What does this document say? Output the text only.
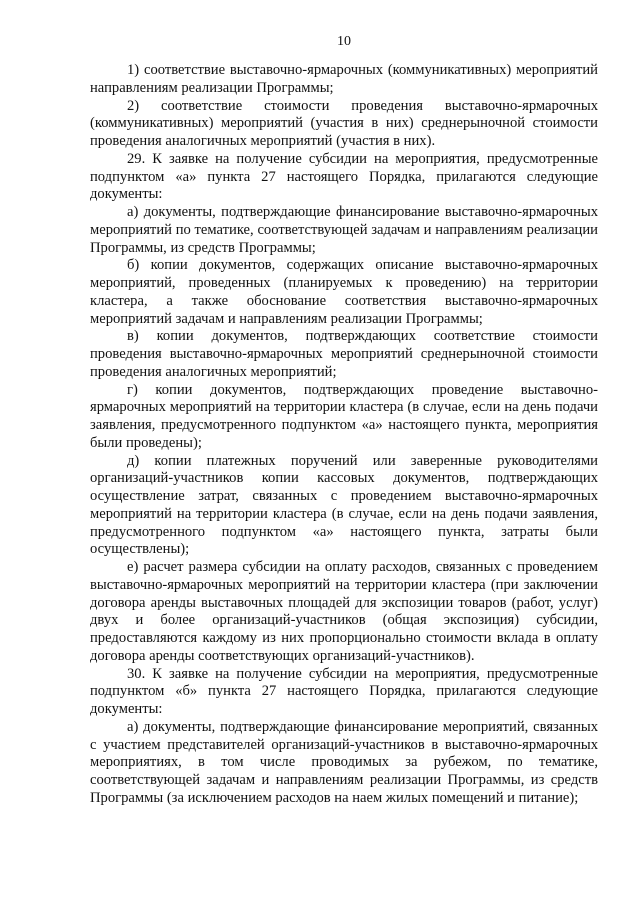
10

1) соответствие выставочно-ярмарочных (коммуникативных) мероприятий направлениям реализации Программы;

2) соответствие стоимости проведения выставочно-ярмарочных (коммуникативных) мероприятий (участия в них) среднерыночной стоимости проведения аналогичных мероприятий (участия в них).

29. К заявке на получение субсидии на мероприятия, предусмотренные подпунктом «а» пункта 27 настоящего Порядка, прилагаются следующие документы:

а) документы, подтверждающие финансирование выставочно-ярмарочных мероприятий по тематике, соответствующей задачам и направлениям реализации Программы, из средств Программы;

б) копии документов, содержащих описание выставочно-ярмарочных мероприятий, проведенных (планируемых к проведению) на территории кластера, а также обоснование соответствия выставочно-ярмарочных мероприятий задачам и направлениям реализации Программы;

в) копии документов, подтверждающих соответствие стоимости проведения выставочно-ярмарочных мероприятий среднерыночной стоимости проведения аналогичных мероприятий;

г) копии документов, подтверждающих проведение выставочно-ярмарочных мероприятий на территории кластера (в случае, если на день подачи заявления, предусмотренного подпунктом «а» настоящего пункта, мероприятия были проведены);

д) копии платежных поручений или заверенные руководителями организаций-участников копии кассовых документов, подтверждающих осуществление затрат, связанных с проведением выставочно-ярмарочных мероприятий на территории кластера (в случае, если на день подачи заявления, предусмотренного подпунктом «а» настоящего пункта, затраты были осуществлены);

е) расчет размера субсидии на оплату расходов, связанных с проведением выставочно-ярмарочных мероприятий на территории кластера (при заключении договора аренды выставочных площадей для экспозиции товаров (работ, услуг) двух и более организаций-участников (общая экспозиция) субсидии, предоставляются каждому из них пропорционально стоимости вклада в оплату договора аренды соответствующих организаций-участников).

30. К заявке на получение субсидии на мероприятия, предусмотренные подпунктом «б» пункта 27 настоящего Порядка, прилагаются следующие документы:

а) документы, подтверждающие финансирование мероприятий, связанных с участием представителей организаций-участников в выставочно-ярмарочных мероприятиях, в том числе проводимых за рубежом, по тематике, соответствующей задачам и направлениям реализации Программы, из средств Программы (за исключением расходов на наем жилых помещений и питание);
